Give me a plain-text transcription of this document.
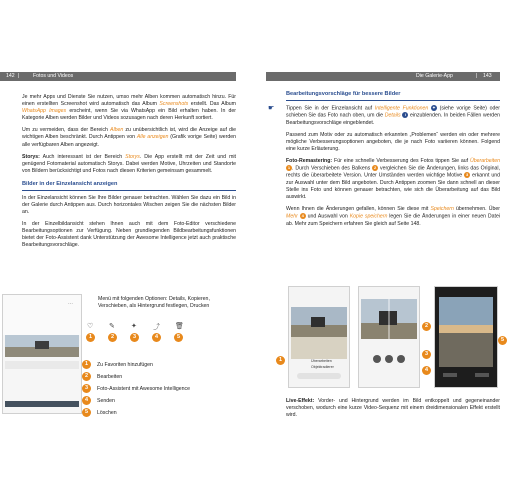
142 |	Fotos und Videos

Je mehr Apps und Dienste Sie nutzen, umso mehr Alben kommen automatisch hinzu. Für einen erstellten Screenshot wird automatisch das Album Screenshots erstellt. Das Album WhatsApp Images erscheint, wenn Sie via WhatsApp ein Bild erhalten haben. In der Kategorie Alben werden Bilder und Videos sozusagen nach deren Herkunft sortiert.

Um zu vermeiden, dass der Bereich Alben zu unübersichtlich ist, wird die Anzeige auf die wichtigen Alben beschränkt. Durch Antippen von Alle anzeigen (Grafik vorige Seite) werden alle verfügbaren Alben angezeigt.

Storys: Auch interessant ist der Bereich Storys. Die App erstellt mit der Zeit und mit genügend Fotomaterial automatisch Storys. Dabei werden Motive, Uhrzeiten und Standorte von Bildern berücksichtigt und Fotos nach diesen Kriterien gemeinsam gesammelt.

Bilder in der Einzelansicht anzeigen

In der Einzelansicht können Sie Ihre Bilder genauer betrachten. Wählen Sie dazu ein Bild in der Galerie durch Antippen aus. Durch horizontales Wischen zeigen Sie die nächsten Bilder an.

In der Einzelbildansicht stehen Ihnen auch mit dem Foto-Editor verschiedene Bearbeitungsoptionen zur Verfügung. Neben grundlegenden Bildbearbeitungsfunktionen bietet der Foto-Assistent dank Unterstützung der Awesome Intelligence jetzt auch praktische Bearbeitungsvorschläge.

⋯
♡ ✎ ✦ ⤴ 🗑
1	2	3	4	5
Menü mit folgenden Optionen: Details, Kopieren, Verschieben, als Hintergrund festlegen, Drucken
1 Zu Favoriten hinzufügen
2 Bearbeiten
3 Foto-Assistent mit Awesome Intelligence
4 Senden
5 Löschen
Die Galerie-App	| 143
Bearbeitungsvorschläge für bessere Bilder

☛ Tippen Sie in der Einzelansicht auf Intelligente Funktionen ✦ (siehe vorige Seite) oder schieben Sie das Foto nach oben, um die Details i einzublenden. In beiden Fällen werden Bearbeitungsvorschläge eingeblendet.

Passend zum Motiv oder zu automatisch erkannten „Problemen“ werden ein oder mehrere mögliche Verbesserungsoptionen angeboten, die je nach Foto variieren können. Folgend eine kurze Erläuterung.

Foto-Remastering: Für eine schnelle Verbesserung des Fotos tippen Sie auf Überarbeiten 1 . Durch Verschieben des Balkens 2 vergleichen Sie die Änderungen, links das Original, rechts die überarbeitete Version. Unter Umständen werden wichtige Motive 3 erkannt und zur Auswahl unter dem Bild angeboten. Durch Antippen zoomen Sie dann schnell an dieser Stelle ins Foto und können genauer betrachten, wie sich die Überarbeitung auf das Bild auswirkt.

Wenn Ihnen die Änderungen gefallen, können Sie diese mit Speichern übernehmen. Über Mehr 4 und Auswahl von Kopie speichern legen Sie die Änderungen in einer neuen Datei ab. Mehr zum Speichern erfahren Sie gleich auf Seite 148.

Überarbeiten
Objektradierer
1
2
3
4
5

Live-Effekt: Vorder- und Hintergrund werden im Bild entkoppelt und gegeneinander verschoben, wodurch eine kurze Video-Sequenz mit einem dreidimensionalen Effekt erstellt wird.
